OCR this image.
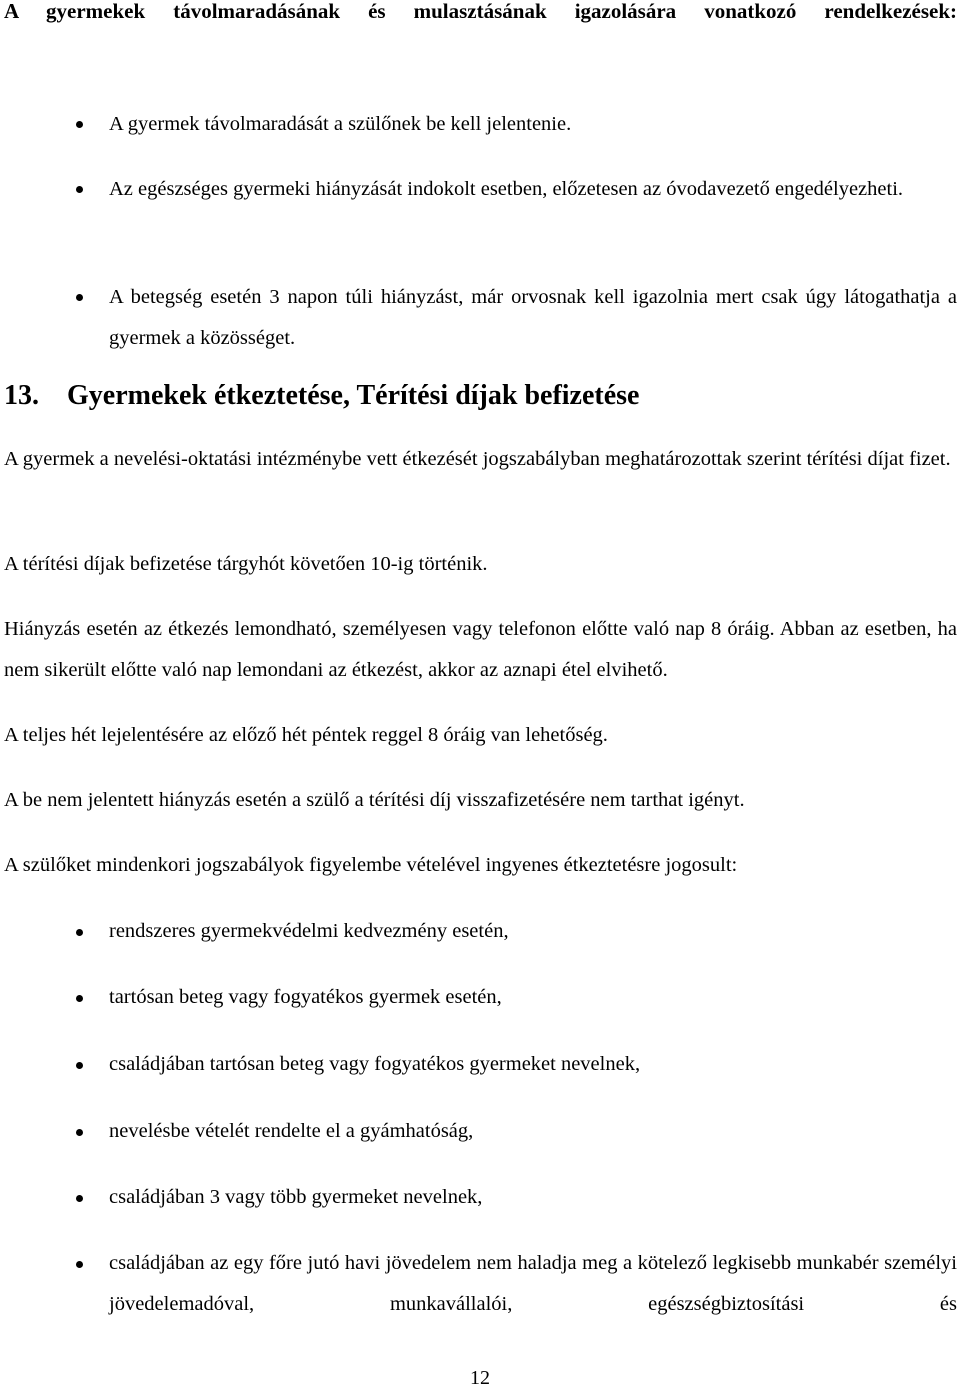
A gyermekek távolmaradásának és mulasztásának igazolására vonatkozó rendelkezések:

A gyermek távolmaradását a szülőnek be kell jelentenie.

Az egészséges gyermeki hiányzását indokolt esetben, előzetesen az óvodavezető engedélyezheti.

A betegség esetén 3 napon túli hiányzást, már orvosnak kell igazolnia mert csak úgy látogathatja a gyermek a közösséget.

13. Gyermekek étkeztetése, Térítési díjak befizetése

A gyermek a nevelési-oktatási intézménybe vett étkezését jogszabályban meghatározottak szerint térítési díjat fizet.

A térítési díjak befizetése tárgyhót követően 10-ig történik.

Hiányzás esetén az étkezés lemondható, személyesen vagy telefonon előtte való nap 8 óráig. Abban az esetben, ha nem sikerült előtte való nap lemondani az étkezést, akkor az aznapi étel elvihető.

A teljes hét lejelentésére az előző hét péntek reggel 8 óráig van lehetőség.

A be nem jelentett hiányzás esetén a szülő a térítési díj visszafizetésére nem tarthat igényt.

A szülőket mindenkori jogszabályok figyelembe vételével ingyenes étkeztetésre jogosult:

rendszeres gyermekvédelmi kedvezmény esetén,

tartósan beteg vagy fogyatékos gyermek esetén,

családjában tartósan beteg vagy fogyatékos gyermeket nevelnek,

nevelésbe vételét rendelte el a gyámhatóság,

családjában 3 vagy több gyermeket nevelnek,

családjában az egy főre jutó havi jövedelem nem haladja meg a kötelező legkisebb munkabér személyi jövedelemadóval, munkavállalói, egészségbiztosítási és

12
